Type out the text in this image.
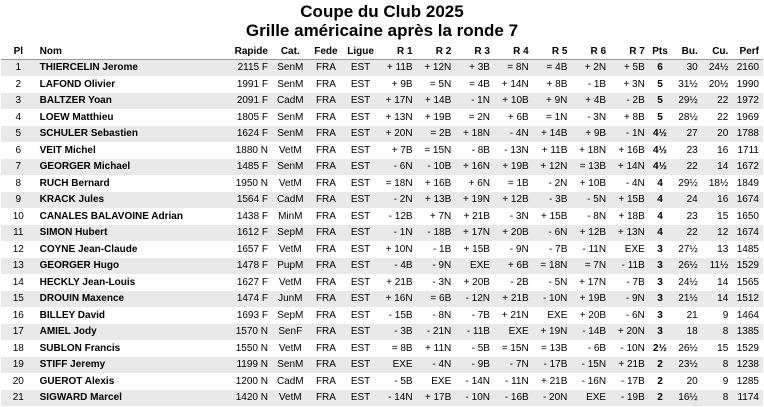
Coupe du Club 2025
Grille américaine après la ronde 7
Pl	Nom	Rapide	Cat.	Fede	Ligue	R 1	R 2	R 3	R 4	R 5	R 6	R 7	Pts	Bu.	Cu.	Perf
1	THIERCELIN Jerome	2115 F	SenM	FRA	EST	+ 11B	+ 12N	+ 3B	= 8N	= 4B	+ 2N	+ 5B	6	30	24½	2160
2	LAFOND Olivier	1991 F	SenM	FRA	EST	+ 9B	= 5N	= 4B	+ 14N	+ 8B	- 1B	+ 3N	5	31½	20½	1990
3	BALTZER Yoan	2091 F	CadM	FRA	EST	+ 17N	+ 14B	- 1N	+ 10B	+ 9N	+ 4B	- 2B	5	29½	22	1972
4	LOEW Matthieu	1805 F	SenM	FRA	EST	+ 13N	+ 19B	= 2N	+ 6B	= 1N	- 3N	+ 8B	5	28½	22	1969
5	SCHULER Sebastien	1624 F	SenM	FRA	EST	+ 20N	= 2B	+ 18N	- 4N	+ 14B	+ 9B	- 1N	4½	27	20	1788
6	VEIT Michel	1880 N	VetM	FRA	EST	+ 7B	= 15N	- 8B	- 13N	+ 11B	+ 18N	+ 16B	4½	23	16	1711
7	GEORGER Michael	1485 F	SenM	FRA	EST	- 6N	- 10B	+ 16N	+ 19B	+ 12N	= 13B	+ 14N	4½	22	14	1672
8	RUCH Bernard	1950 N	VetM	FRA	EST	= 18N	+ 16B	+ 6N	= 1B	- 2N	+ 10B	- 4N	4	29½	18½	1849
9	KRACK Jules	1564 F	CadM	FRA	EST	- 2N	+ 13B	+ 19N	+ 12B	- 3B	- 5N	+ 15B	4	24	16	1674
10	CANALES BALAVOINE Adrian	1438 F	MinM	FRA	EST	- 12B	+ 7N	+ 21B	- 3N	+ 15B	- 8N	+ 18B	4	23	15	1650
11	SIMON Hubert	1612 F	SepM	FRA	EST	- 1N	- 18B	+ 17N	+ 20B	- 6N	+ 12B	+ 13N	4	22	12	1674
12	COYNE Jean-Claude	1657 F	VetM	FRA	EST	+ 10N	- 1B	+ 15B	- 9N	- 7B	- 11N	EXE	3	27½	13	1485
13	GEORGER Hugo	1478 F	PupM	FRA	EST	- 4B	- 9N	EXE	+ 6B	= 18N	= 7N	- 11B	3	26½	11½	1529
14	HECKLY Jean-Louis	1627 F	VetM	FRA	EST	+ 21B	- 3N	+ 20B	- 2B	- 5N	+ 17N	- 7B	3	24½	14	1565
15	DROUIN Maxence	1474 F	JunM	FRA	EST	+ 16N	= 6B	- 12N	+ 21B	- 10N	+ 19B	- 9N	3	21½	14	1512
16	BILLEY David	1693 F	SepM	FRA	EST	- 15B	- 8N	- 7B	+ 21N	EXE	+ 20B	- 6N	3	21	9	1464
17	AMIEL Jody	1570 N	SenF	FRA	EST	- 3B	- 21N	- 11B	EXE	+ 19N	- 14B	+ 20N	3	18	8	1385
18	SUBLON Francis	1550 N	VetM	FRA	EST	= 8B	+ 11N	- 5B	= 15N	= 13B	- 6B	- 10N	2½	26½	15	1529
19	STIFF Jeremy	1199 N	SenM	FRA	EST	EXE	- 4N	- 9B	- 7N	- 17B	- 15N	+ 21B	2	23½	8	1238
20	GUEROT Alexis	1200 N	CadM	FRA	EST	- 5B	EXE	- 14N	- 11N	+ 21B	- 16N	- 17B	2	20	9	1285
21	SIGWARD Marcel	1420 N	VetM	FRA	EST	- 14N	+ 17B	- 10N	- 16B	- 20N	EXE	- 19B	2	16½	8	1174
